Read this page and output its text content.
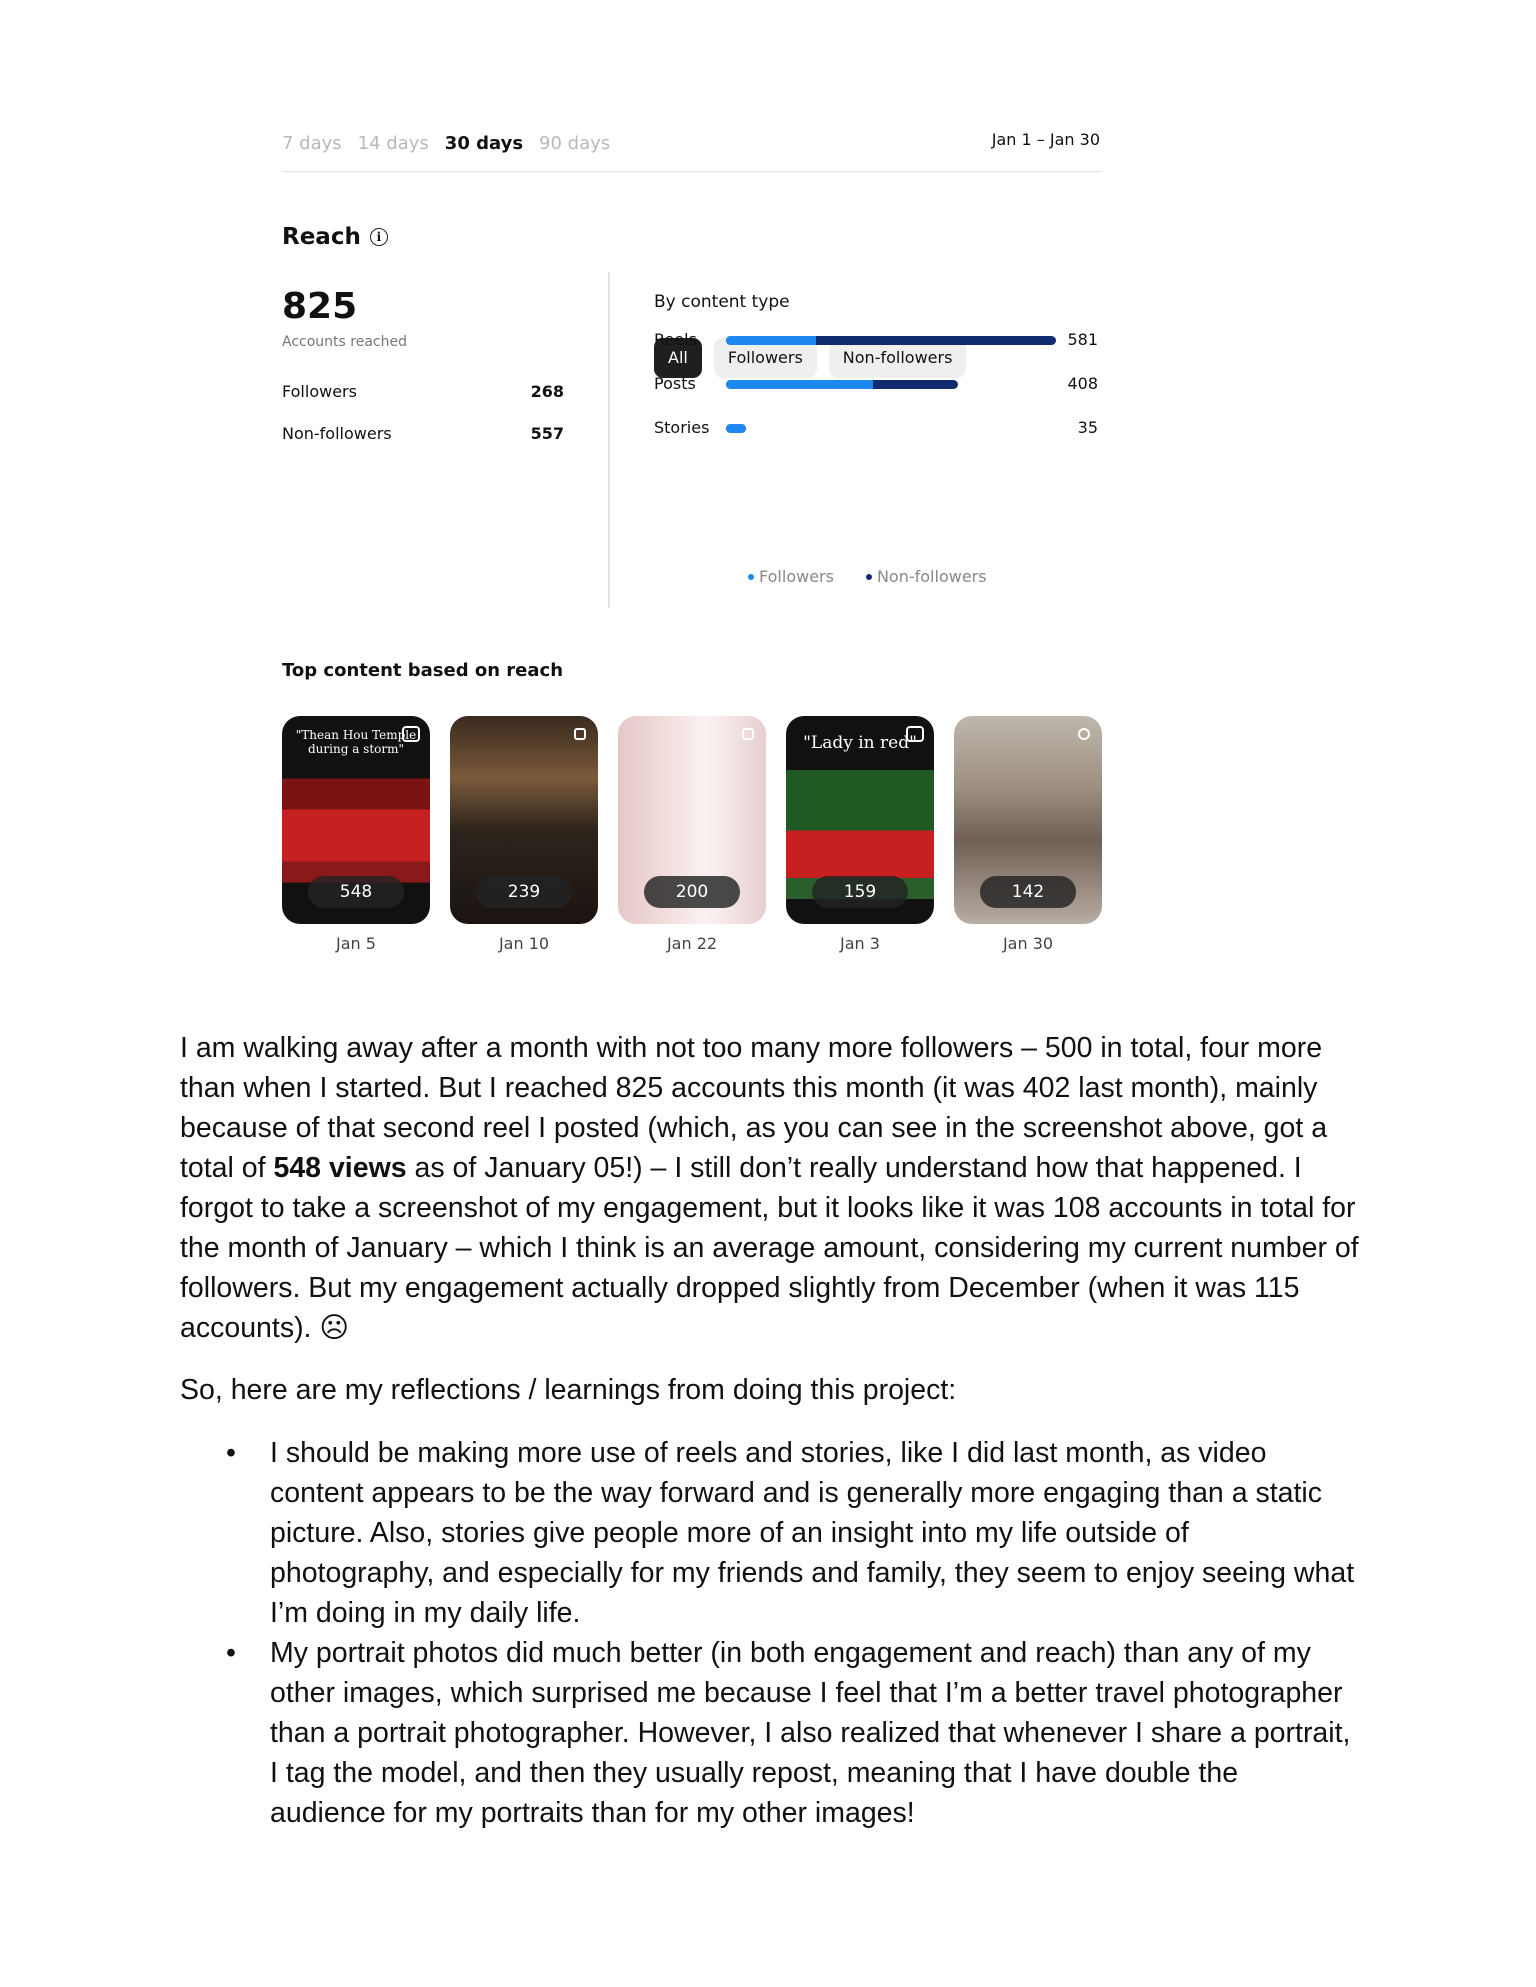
7 days 14 days 30 days 90 days	Jan 1 – Jan 30
Reach	i
825
Accounts reached
Followers	268
Non-followers	557
By content type
All	Followers	Non-followers
Reels	581
Posts	408
Stories	35
Followers	Non-followers
Top content based on reach
"Thean Hou Temple during a storm"
548
Jan 5
239
Jan 10
200
Jan 22
"Lady in red"
159
Jan 3
142
Jan 30

I am walking away after a month with not too many more followers – 500 in total, four more than when I started. But I reached 825 accounts this month (it was 402 last month), mainly because of that second reel I posted (which, as you can see in the screenshot above, got a total of 548 views as of January 05!) – I still don’t really understand how that happened. I forgot to take a screenshot of my engagement, but it looks like it was 108 accounts in total for the month of January – which I think is an average amount, considering my current number of followers. But my engagement actually dropped slightly from December (when it was 115 accounts). ☹

So, here are my reflections / learnings from doing this project:

• I should be making more use of reels and stories, like I did last month, as video content appears to be the way forward and is generally more engaging than a static picture. Also, stories give people more of an insight into my life outside of photography, and especially for my friends and family, they seem to enjoy seeing what I’m doing in my daily life.
• My portrait photos did much better (in both engagement and reach) than any of my other images, which surprised me because I feel that I’m a better travel photographer than a portrait photographer. However, I also realized that whenever I share a portrait, I tag the model, and then they usually repost, meaning that I have double the audience for my portraits than for my other images!
